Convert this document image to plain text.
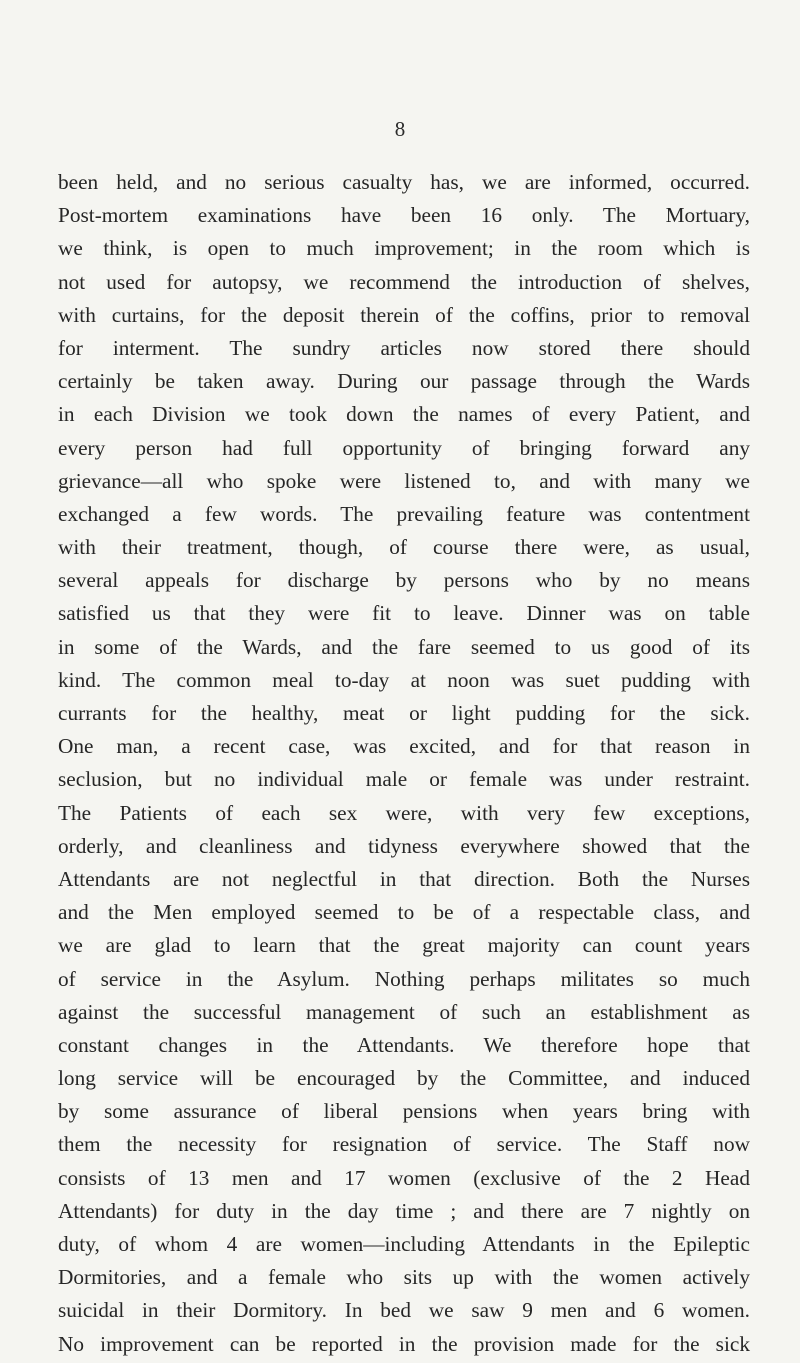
8
been held, and no serious casualty has, we are informed, occurred.
Post-mortem examinations have been 16 only. The Mortuary,
we think, is open to much improvement; in the room which is
not used for autopsy, we recommend the introduction of shelves,
with curtains, for the deposit therein of the coffins, prior to removal
for interment. The sundry articles now stored there should
certainly be taken away. During our passage through the Wards
in each Division we took down the names of every Patient, and
every person had full opportunity of bringing forward any
grievance—all who spoke were listened to, and with many we
exchanged a few words. The prevailing feature was contentment
with their treatment, though, of course there were, as usual,
several appeals for discharge by persons who by no means
satisfied us that they were fit to leave. Dinner was on table
in some of the Wards, and the fare seemed to us good of its
kind. The common meal to-day at noon was suet pudding with
currants for the healthy, meat or light pudding for the sick.
One man, a recent case, was excited, and for that reason in
seclusion, but no individual male or female was under restraint.
The Patients of each sex were, with very few exceptions,
orderly, and cleanliness and tidyness everywhere showed that the
Attendants are not neglectful in that direction. Both the Nurses
and the Men employed seemed to be of a respectable class, and
we are glad to learn that the great majority can count years
of service in the Asylum. Nothing perhaps militates so much
against the successful management of such an establishment as
constant changes in the Attendants. We therefore hope that
long service will be encouraged by the Committee, and induced
by some assurance of liberal pensions when years bring with
them the necessity for resignation of service. The Staff now
consists of 13 men and 17 women (exclusive of the 2 Head
Attendants) for duty in the day time ; and there are 7 nightly on
duty, of whom 4 are women—including Attendants in the Epileptic
Dormitories, and a female who sits up with the women actively
suicidal in their Dormitory. In bed we saw 9 men and 6 women.
No improvement can be reported in the provision made for the sick
